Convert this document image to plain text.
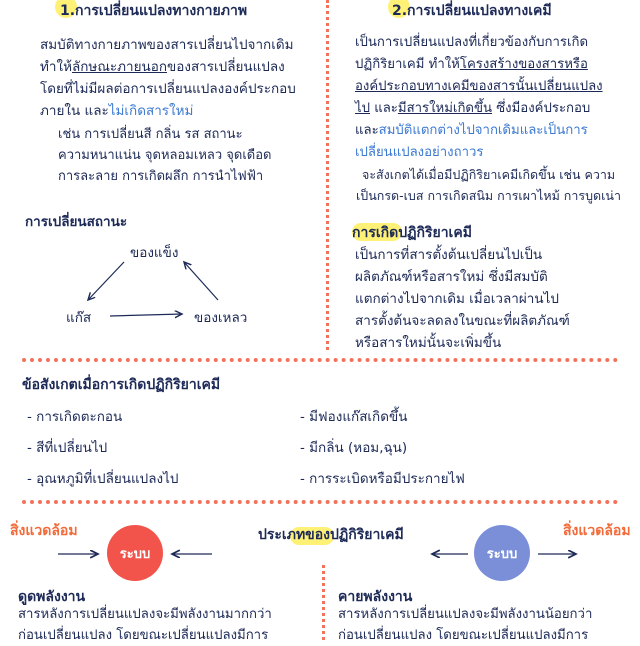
1.การเปลี่ยนแปลงทางกายภาพ
สมบัติทางกายภาพของสารเปลี่ยนไปจากเดิม
ทำให้ลักษณะภายนอกของสารเปลี่ยนแปลง
โดยที่ไม่มีผลต่อการเปลี่ยนแปลงองค์ประกอบ
ภายใน และไม่เกิดสารใหม่
เช่น การเปลี่ยนสี กลิ่น รส สถานะ
ความหนาแน่น จุดหลอมเหลว จุดเดือด
การละลาย การเกิดผลึก การนำไฟฟ้า
การเปลี่ยนสถานะ
ของแข็ง
แก๊ส	ของเหลว
2.การเปลี่ยนแปลงทางเคมี
เป็นการเปลี่ยนแปลงที่เกี่ยวข้องกับการเกิด
ปฏิกิริยาเคมี ทำให้โครงสร้างของสารหรือ
องค์ประกอบทางเคมีของสารนั้นเปลี่ยนแปลง
ไป และมีสารใหม่เกิดขึ้น ซึ่งมีองค์ประกอบ
และสมบัติแตกต่างไปจากเดิมและเป็นการ
เปลี่ยนแปลงอย่างถาวร
จะสังเกตได้เมื่อมีปฏิกิริยาเคมีเกิดขึ้น เช่น ความ
เป็นกรด-เบส การเกิดสนิม การเผาไหม้ การบูดเน่า
การเกิดปฏิกิริยาเคมี
เป็นการที่สารตั้งต้นเปลี่ยนไปเป็น
ผลิตภัณฑ์หรือสารใหม่ ซึ่งมีสมบัติ
แตกต่างไปจากเดิม เมื่อเวลาผ่านไป
สารตั้งต้นจะลดลงในขณะที่ผลิตภัณฑ์
หรือสารใหม่นั้นจะเพิ่มขึ้น
ข้อสังเกตเมื่อการเกิดปฏิกิริยาเคมี
- การเกิดตะกอน
- สีที่เปลี่ยนไป
- อุณหภูมิที่เปลี่ยนแปลงไป
- มีฟองแก๊สเกิดขึ้น
- มีกลิ่น (หอม,ฉุน)
- การระเบิดหรือมีประกายไฟ
สิ่งแวดล้อม	สิ่งแวดล้อม
ประเภทของปฏิกิริยาเคมี
ระบบ	ระบบ
ดูดพลังงาน
สารหลังการเปลี่ยนแปลงจะมีพลังงานมากกว่า
ก่อนเปลี่ยนแปลง โดยขณะเปลี่ยนแปลงมีการ
คายพลังงาน
สารหลังการเปลี่ยนแปลงจะมีพลังงานน้อยกว่า
ก่อนเปลี่ยนแปลง โดยขณะเปลี่ยนแปลงมีการ
